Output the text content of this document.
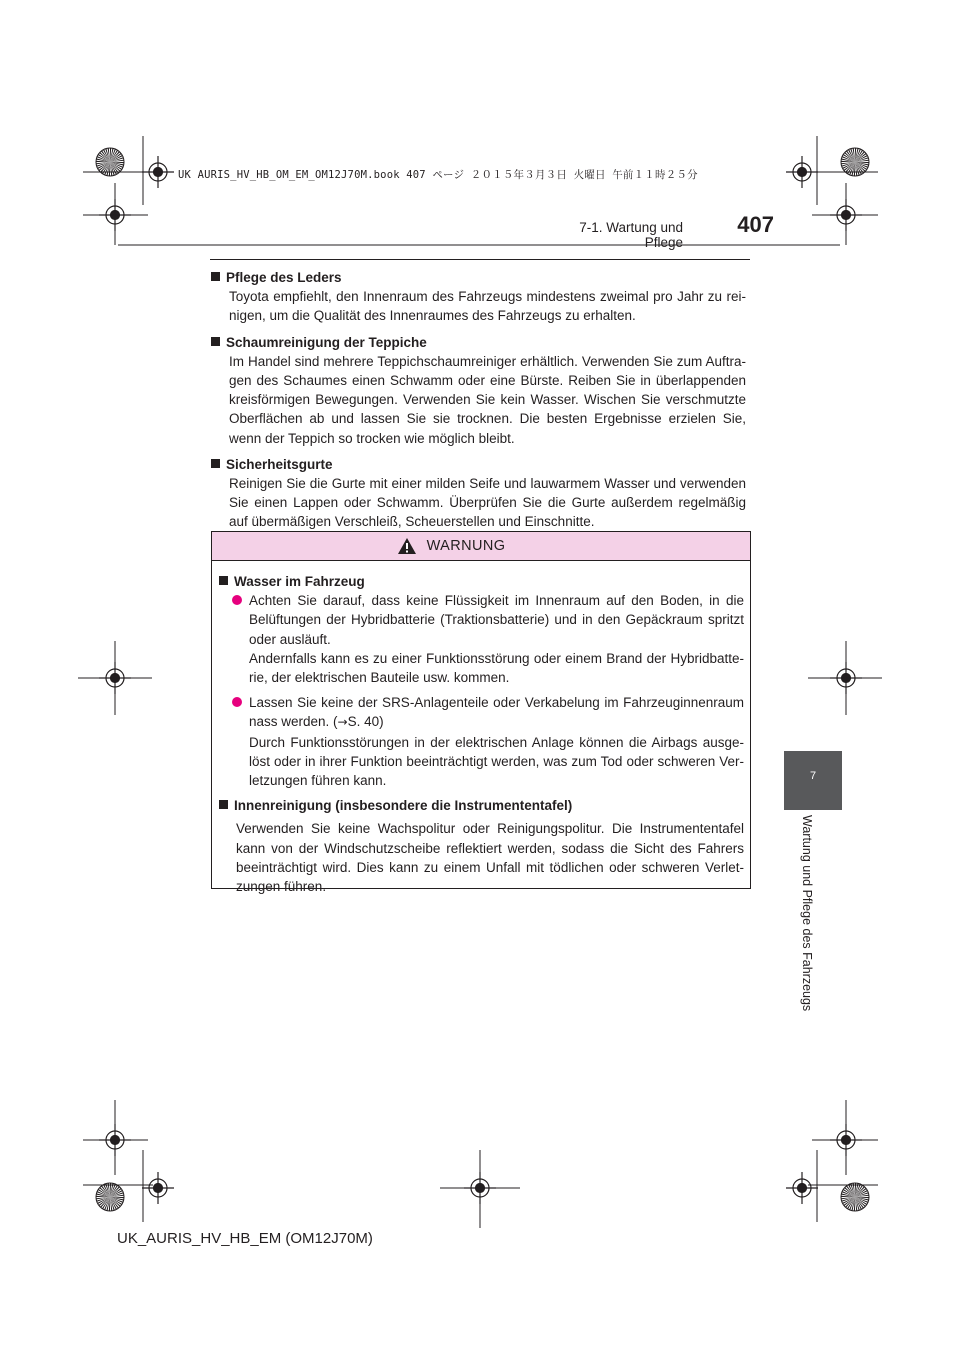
UK AURIS_HV_HB_OM_EM_OM12J70M.book 407 ページ ２０１５年３月３日 火曜日 午前１１時２５分
7-1. Wartung und Pflege
407
Pflege des Leders
Toyota empfiehlt, den Innenraum des Fahrzeugs mindestens zweimal pro Jahr zu rei-nigen, um die Qualität des Innenraumes des Fahrzeugs zu erhalten.
Schaumreinigung der Teppiche
Im Handel sind mehrere Teppichschaumreiniger erhältlich. Verwenden Sie zum Auftra-gen des Schaumes einen Schwamm oder eine Bürste. Reiben Sie in überlappenden kreisförmigen Bewegungen. Verwenden Sie kein Wasser. Wischen Sie verschmutzte Oberflächen ab und lassen Sie sie trocknen. Die besten Ergebnisse erzielen Sie, wenn der Teppich so trocken wie möglich bleibt.
Sicherheitsgurte
Reinigen Sie die Gurte mit einer milden Seife und lauwarmem Wasser und verwenden Sie einen Lappen oder Schwamm. Überprüfen Sie die Gurte außerdem regelmäßig auf übermäßigen Verschleiß, Scheuerstellen und Einschnitte.
WARNUNG
Wasser im Fahrzeug
Achten Sie darauf, dass keine Flüssigkeit im Innenraum auf den Boden, in die Belüftungen der Hybridbatterie (Traktionsbatterie) und in den Gepäckraum spritzt oder ausläuft.
Andernfalls kann es zu einer Funktionsstörung oder einem Brand der Hybridbatte-rie, der elektrischen Bauteile usw. kommen.
Lassen Sie keine der SRS-Anlagenteile oder Verkabelung im Fahrzeuginnenraum nass werden. (→S. 40)
Durch Funktionsstörungen in der elektrischen Anlage können die Airbags ausge-löst oder in ihrer Funktion beeinträchtigt werden, was zum Tod oder schweren Ver-letzungen führen kann.
Innenreinigung (insbesondere die Instrumententafel)
Verwenden Sie keine Wachspolitur oder Reinigungspolitur. Die Instrumententafel kann von der Windschutzscheibe reflektiert werden, sodass die Sicht des Fahrers beeinträchtigt wird. Dies kann zu einem Unfall mit tödlichen oder schweren Verlet-zungen führen.
7
Wartung und Pflege des Fahrzeugs
UK_AURIS_HV_HB_EM (OM12J70M)
